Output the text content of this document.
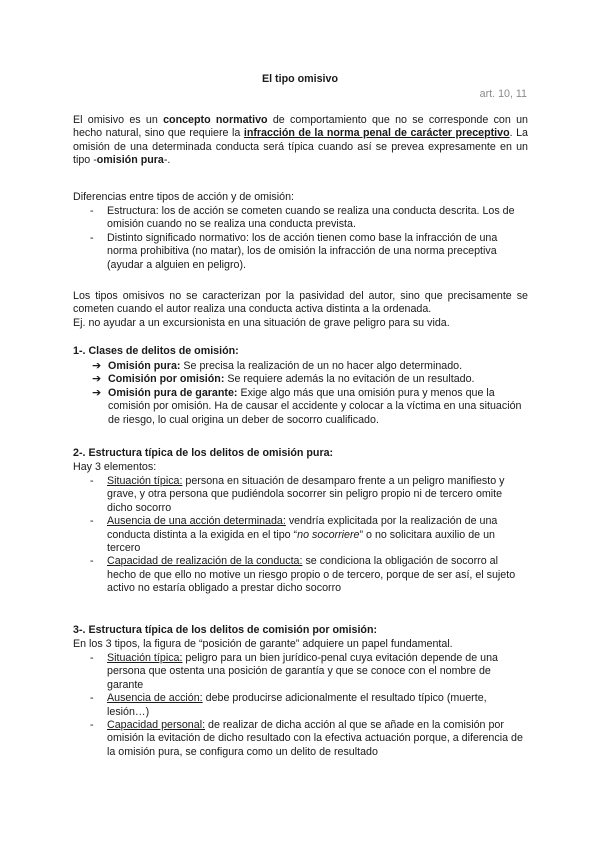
El tipo omisivo
art. 10, 11
El omisivo es un concepto normativo de comportamiento que no se corresponde con un hecho natural, sino que requiere la infracción de la norma penal de carácter preceptivo. La omisión de una determinada conducta será típica cuando así se prevea expresamente en un tipo -omisión pura-.
Diferencias entre tipos de acción y de omisión:
- Estructura: los de acción se cometen cuando se realiza una conducta descrita. Los de omisión cuando no se realiza una conducta prevista.
- Distinto significado normativo: los de acción tienen como base la infracción de una norma prohibitiva (no matar), los de omisión la infracción de una norma preceptiva (ayudar a alguien en peligro).
Los tipos omisivos no se caracterizan por la pasividad del autor, sino que precisamente se cometen cuando el autor realiza una conducta activa distinta a la ordenada.
Ej. no ayudar a un excursionista en una situación de grave peligro para su vida.
1-. Clases de delitos de omisión:
➔ Omisión pura: Se precisa la realización de un no hacer algo determinado.
➔ Comisión por omisión: Se requiere además la no evitación de un resultado.
➔ Omisión pura de garante: Exige algo más que una omisión pura y menos que la comisión por omisión. Ha de causar el accidente y colocar a la víctima en una situación de riesgo, lo cual origina un deber de socorro cualificado.
2-. Estructura típica de los delitos de omisión pura:
Hay 3 elementos:
- Situación típica: persona en situación de desamparo frente a un peligro manifiesto y grave, y otra persona que pudiéndola socorrer sin peligro propio ni de tercero omite dicho socorro
- Ausencia de una acción determinada: vendría explicitada por la realización de una conducta distinta a la exigida en el tipo “no socorriere” o no solicitara auxilio de un tercero
- Capacidad de realización de la conducta: se condiciona la obligación de socorro al hecho de que ello no motive un riesgo propio o de tercero, porque de ser así, el sujeto activo no estaría obligado a prestar dicho socorro
3-. Estructura típica de los delitos de comisión por omisión:
En los 3 tipos, la figura de “posición de garante” adquiere un papel fundamental.
- Situación típica: peligro para un bien jurídico-penal cuya evitación depende de una persona que ostenta una posición de garantía y que se conoce con el nombre de garante
- Ausencia de acción: debe producirse adicionalmente el resultado típico (muerte, lesión…)
- Capacidad personal: de realizar de dicha acción al que se añade en la comisión por omisión la evitación de dicho resultado con la efectiva actuación porque, a diferencia de la omisión pura, se configura como un delito de resultado
